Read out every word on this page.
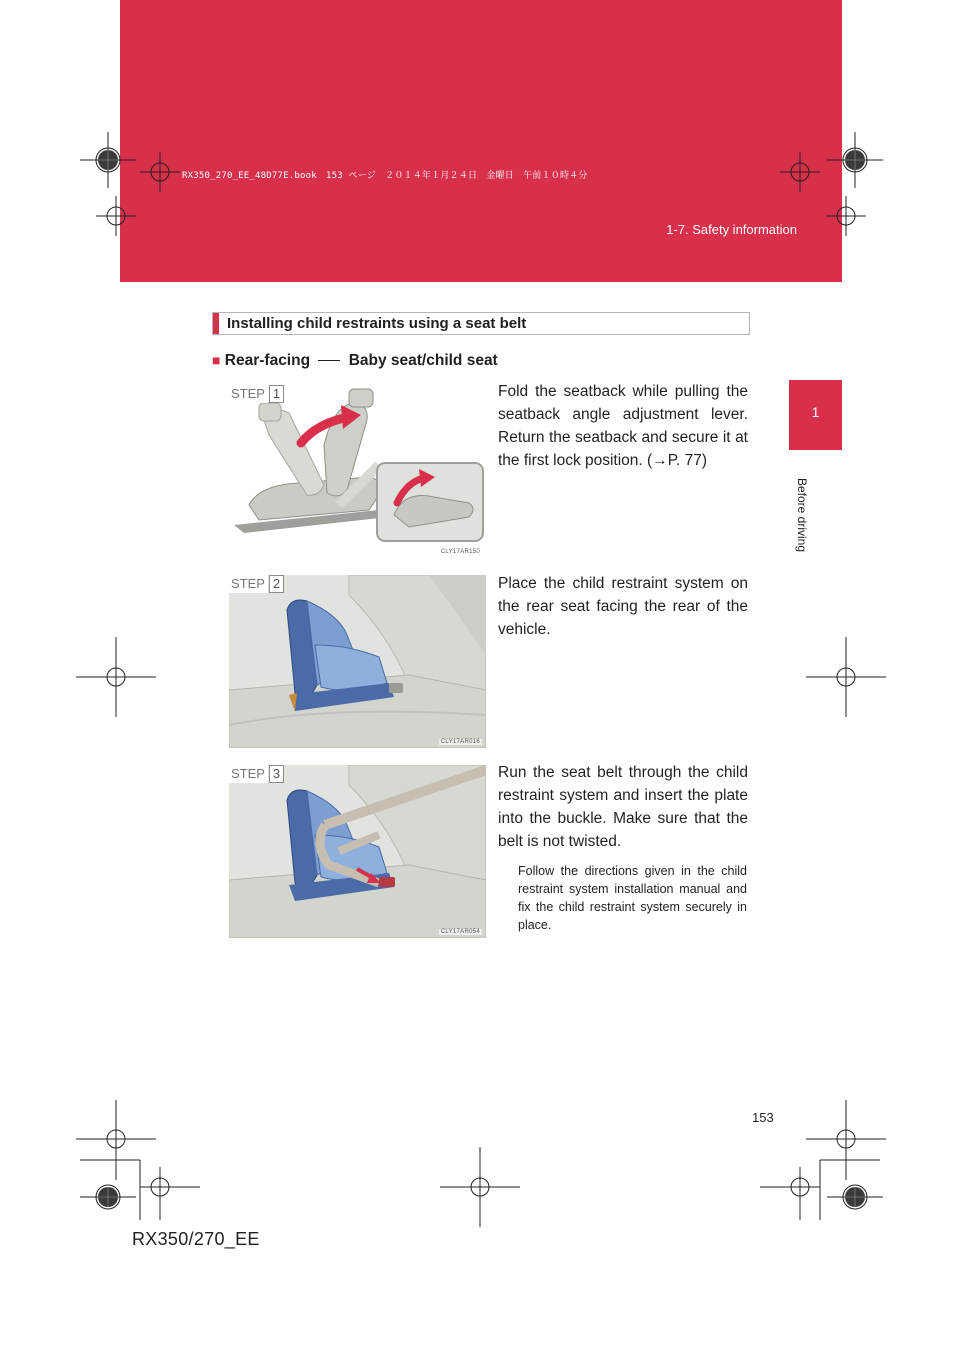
RX350_270_EE_48D77E.book　153 ページ　２０１４年１月２４日　金曜日　午前１０時４分
1-7. Safety information
1
Before driving
Installing child restraints using a seat belt
■ Rear-facing Baby seat/child seat
STEP 1
CLY17AR150
Fold the seatback while pulling the seatback angle adjustment lever. Return the seatback and secure it at the first lock position. (→P. 77)
STEP 2
CLY17AR016
Place the child restraint system on the rear seat facing the rear of the vehicle.
STEP 3
CLY17AR054
Run the seat belt through the child restraint system and insert the plate into the buckle. Make sure that the belt is not twisted.
Follow the directions given in the child restraint system installation manual and fix the child restraint system securely in place.
153
RX350/270_EE
